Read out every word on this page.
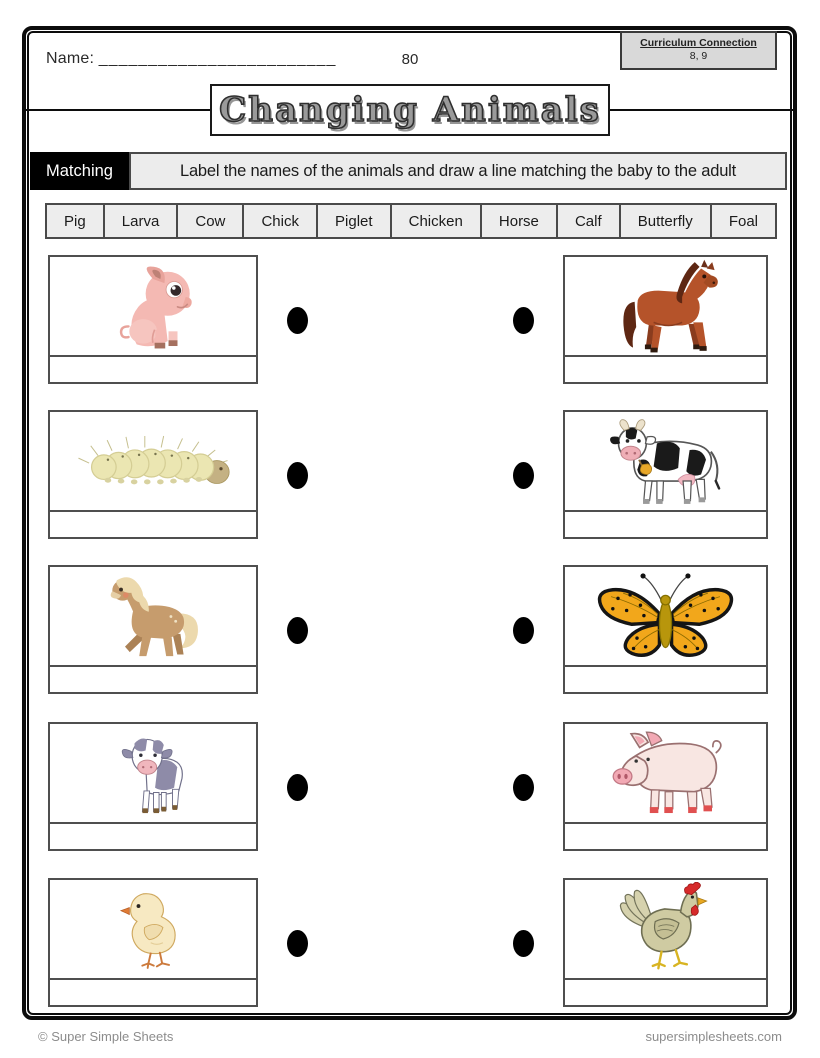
Name: ________________________	80
Curriculum Connection
8, 9
Changing Animals
Matching	Label the names of the animals and draw a line matching the baby to the adult
Pig	Larva	Cow	Chick	Piglet	Chicken	Horse	Calf	Butterfly	Foal
© Super Simple Sheets	supersimplesheets.com
